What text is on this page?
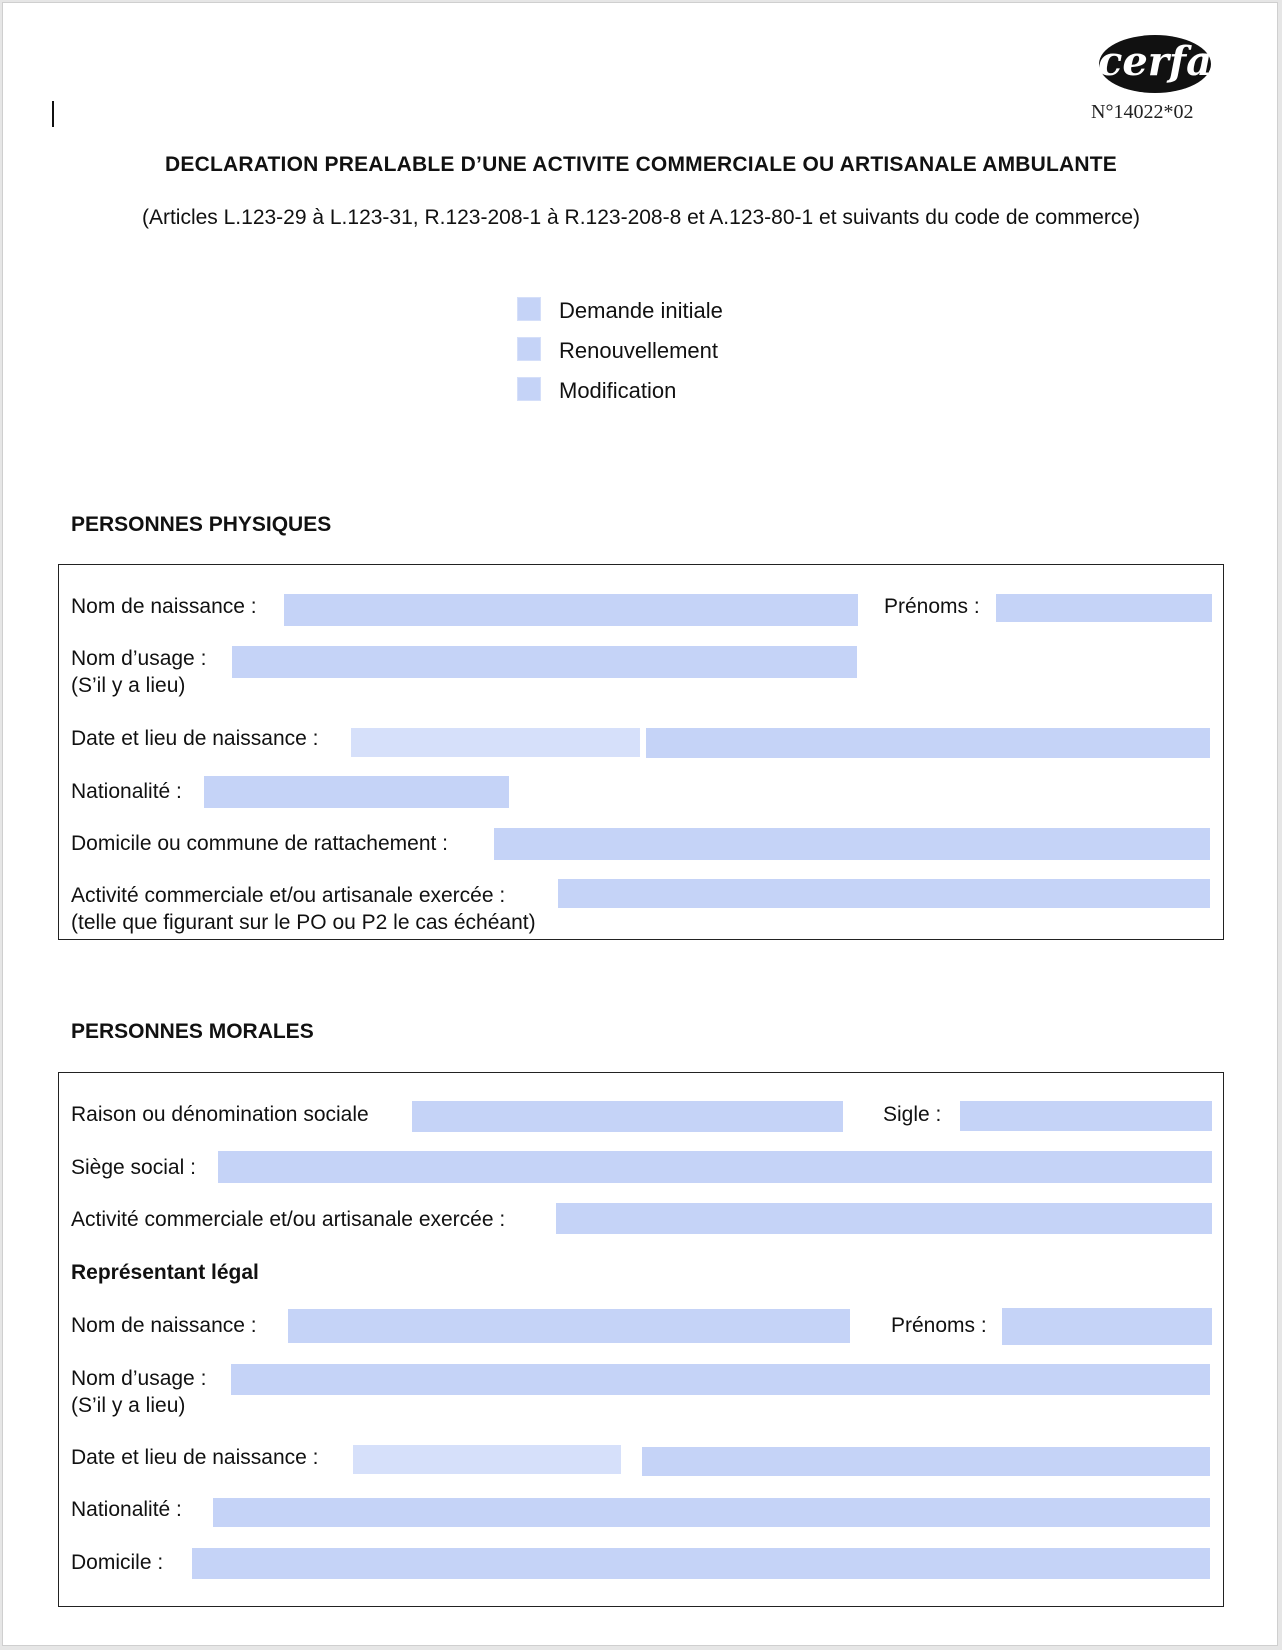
cerfa
N°14022*02
DECLARATION PREALABLE D’UNE ACTIVITE COMMERCIALE OU ARTISANALE AMBULANTE
(Articles L.123-29 à L.123-31, R.123-208-1 à R.123-208-8 et A.123-80-1 et suivants du code de commerce)
Demande initiale
Renouvellement
Modification
PERSONNES PHYSIQUES
Nom de naissance :	Prénoms :
Nom d’usage :
(S’il y a lieu)
Date et lieu de naissance :
Nationalité :
Domicile ou commune de rattachement :
Activité commerciale et/ou artisanale exercée :
(telle que figurant sur le PO ou P2 le cas échéant)
PERSONNES MORALES
Raison ou dénomination sociale	Sigle :
Siège social :
Activité commerciale et/ou artisanale exercée :
Représentant légal
Nom de naissance :	Prénoms :
Nom d’usage :
(S’il y a lieu)
Date et lieu de naissance :
Nationalité :
Domicile :
